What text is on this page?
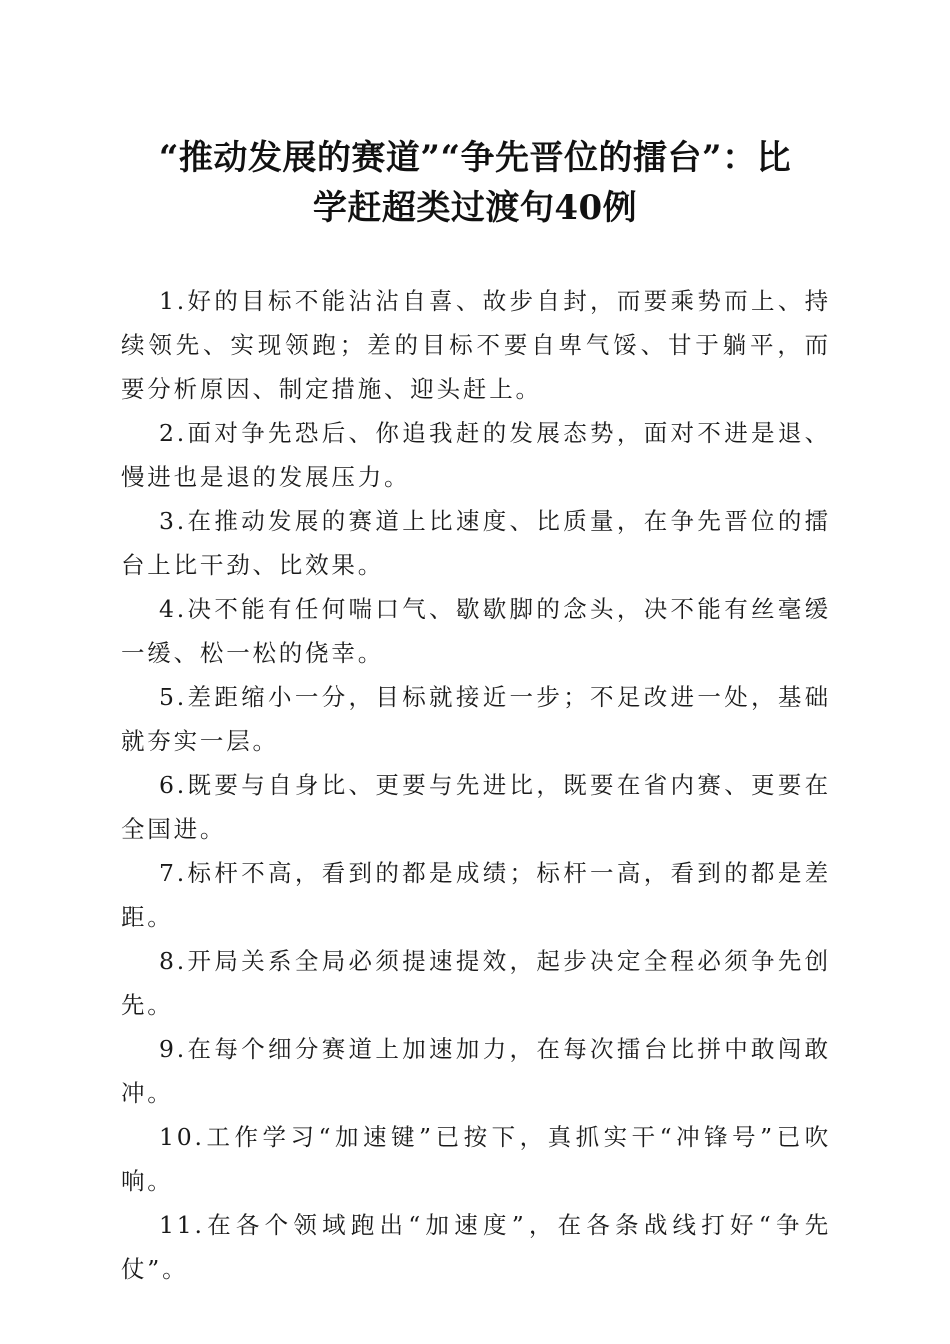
“推动发展的赛道”“争先晋位的擂台”：比
学赶超类过渡句40例

1.好的目标不能沾沾自喜、故步自封，而要乘势而上、持续领先、实现领跑；差的目标不要自卑气馁、甘于躺平，而要分析原因、制定措施、迎头赶上。

2.面对争先恐后、你追我赶的发展态势，面对不进是退、慢进也是退的发展压力。

3.在推动发展的赛道上比速度、比质量，在争先晋位的擂台上比干劲、比效果。

4.决不能有任何喘口气、歇歇脚的念头，决不能有丝毫缓一缓、松一松的侥幸。

5.差距缩小一分，目标就接近一步；不足改进一处，基础就夯实一层。

6.既要与自身比、更要与先进比，既要在省内赛、更要在全国进。

7.标杆不高，看到的都是成绩；标杆一高，看到的都是差距。

8.开局关系全局必须提速提效，起步决定全程必须争先创先。

9.在每个细分赛道上加速加力，在每次擂台比拼中敢闯敢冲。

10.工作学习“加速键”已按下，真抓实干“冲锋号”已吹响。

11.在各个领域跑出“加速度”，在各条战线打好“争先仗”。
